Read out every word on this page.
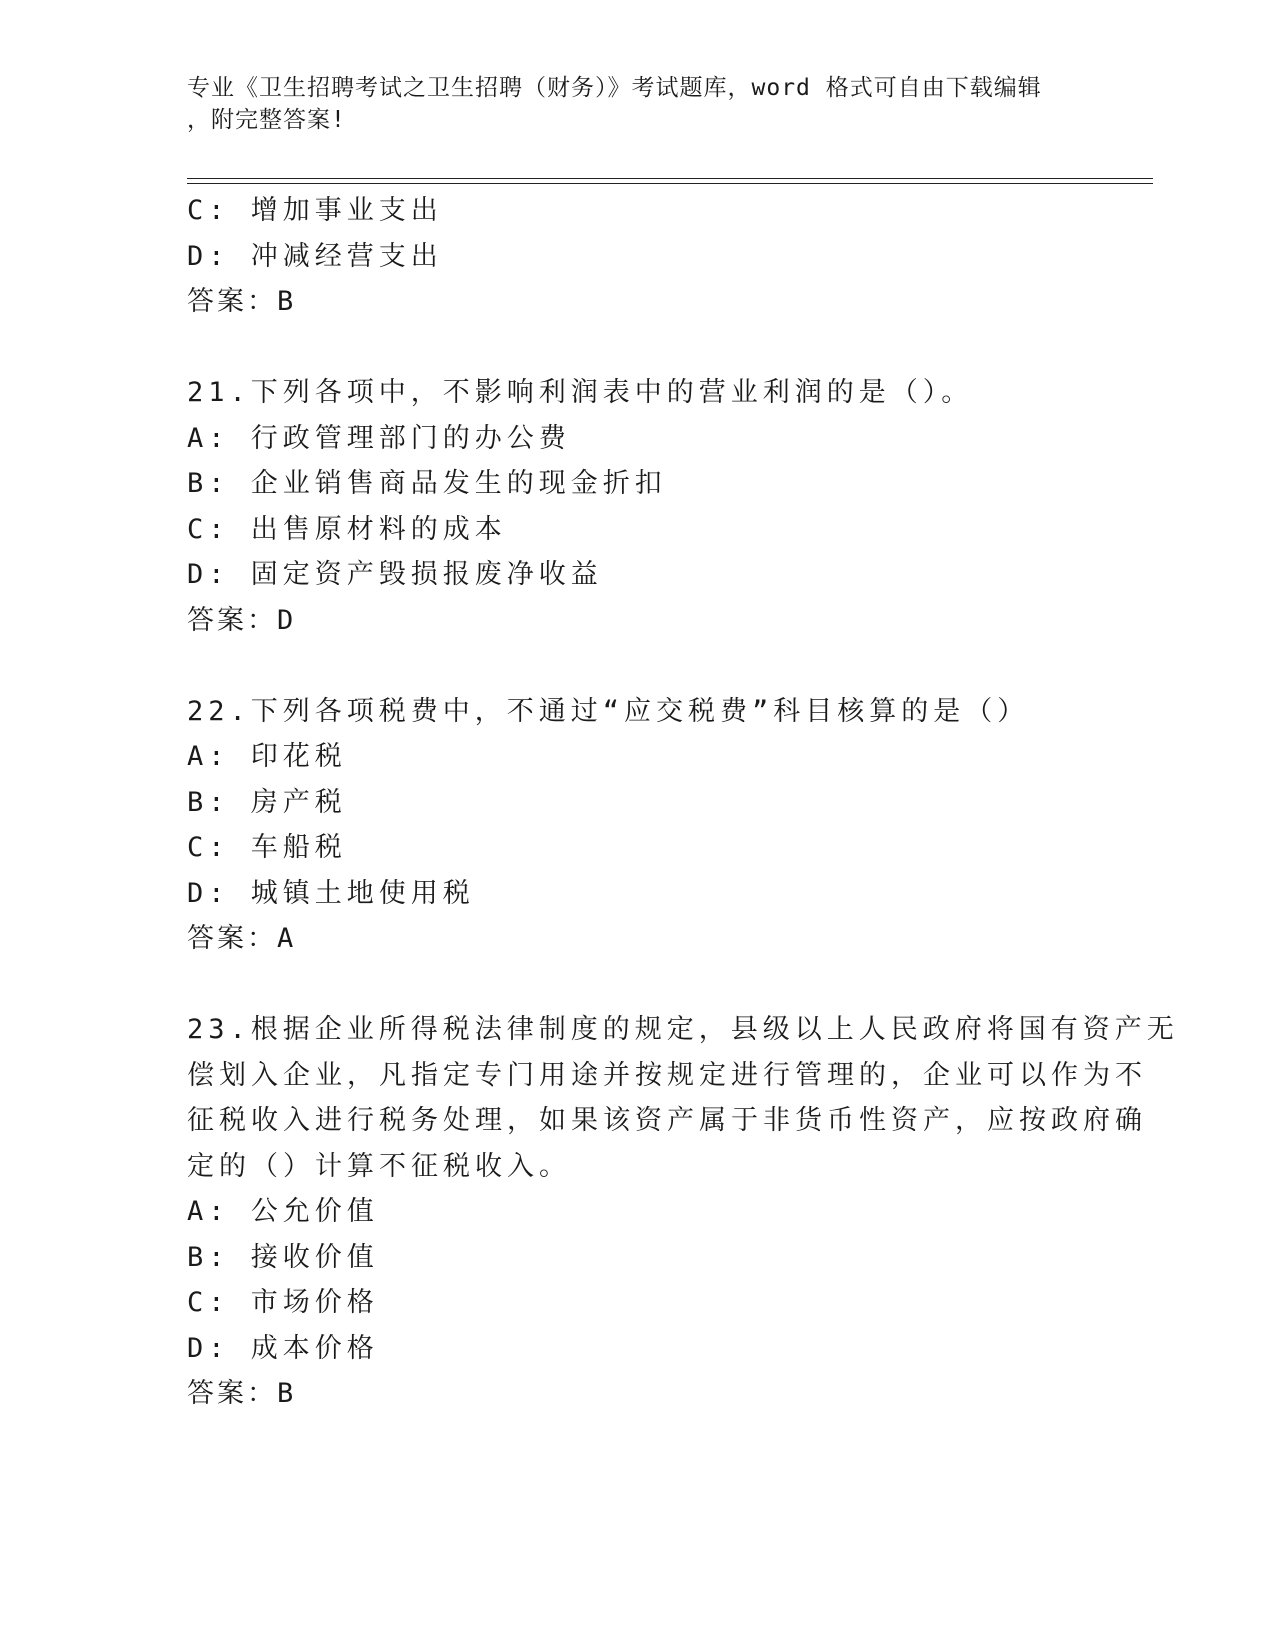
专业《卫生招聘考试之卫生招聘（财务）》考试题库，word 格式可自由下载编辑
，附完整答案!
C: 增加事业支出
D: 冲减经营支出
答案：B
21.下列各项中，不影响利润表中的营业利润的是（）。
A: 行政管理部门的办公费
B: 企业销售商品发生的现金折扣
C: 出售原材料的成本
D: 固定资产毁损报废净收益
答案：D
22.下列各项税费中，不通过“应交税费”科目核算的是（）
A: 印花税
B: 房产税
C: 车船税
D: 城镇土地使用税
答案：A
23.根据企业所得税法律制度的规定，县级以上人民政府将国有资产无
偿划入企业，凡指定专门用途并按规定进行管理的，企业可以作为不
征税收入进行税务处理，如果该资产属于非货币性资产，应按政府确
定的（）计算不征税收入。
A: 公允价值
B: 接收价值
C: 市场价格
D: 成本价格
答案：B
